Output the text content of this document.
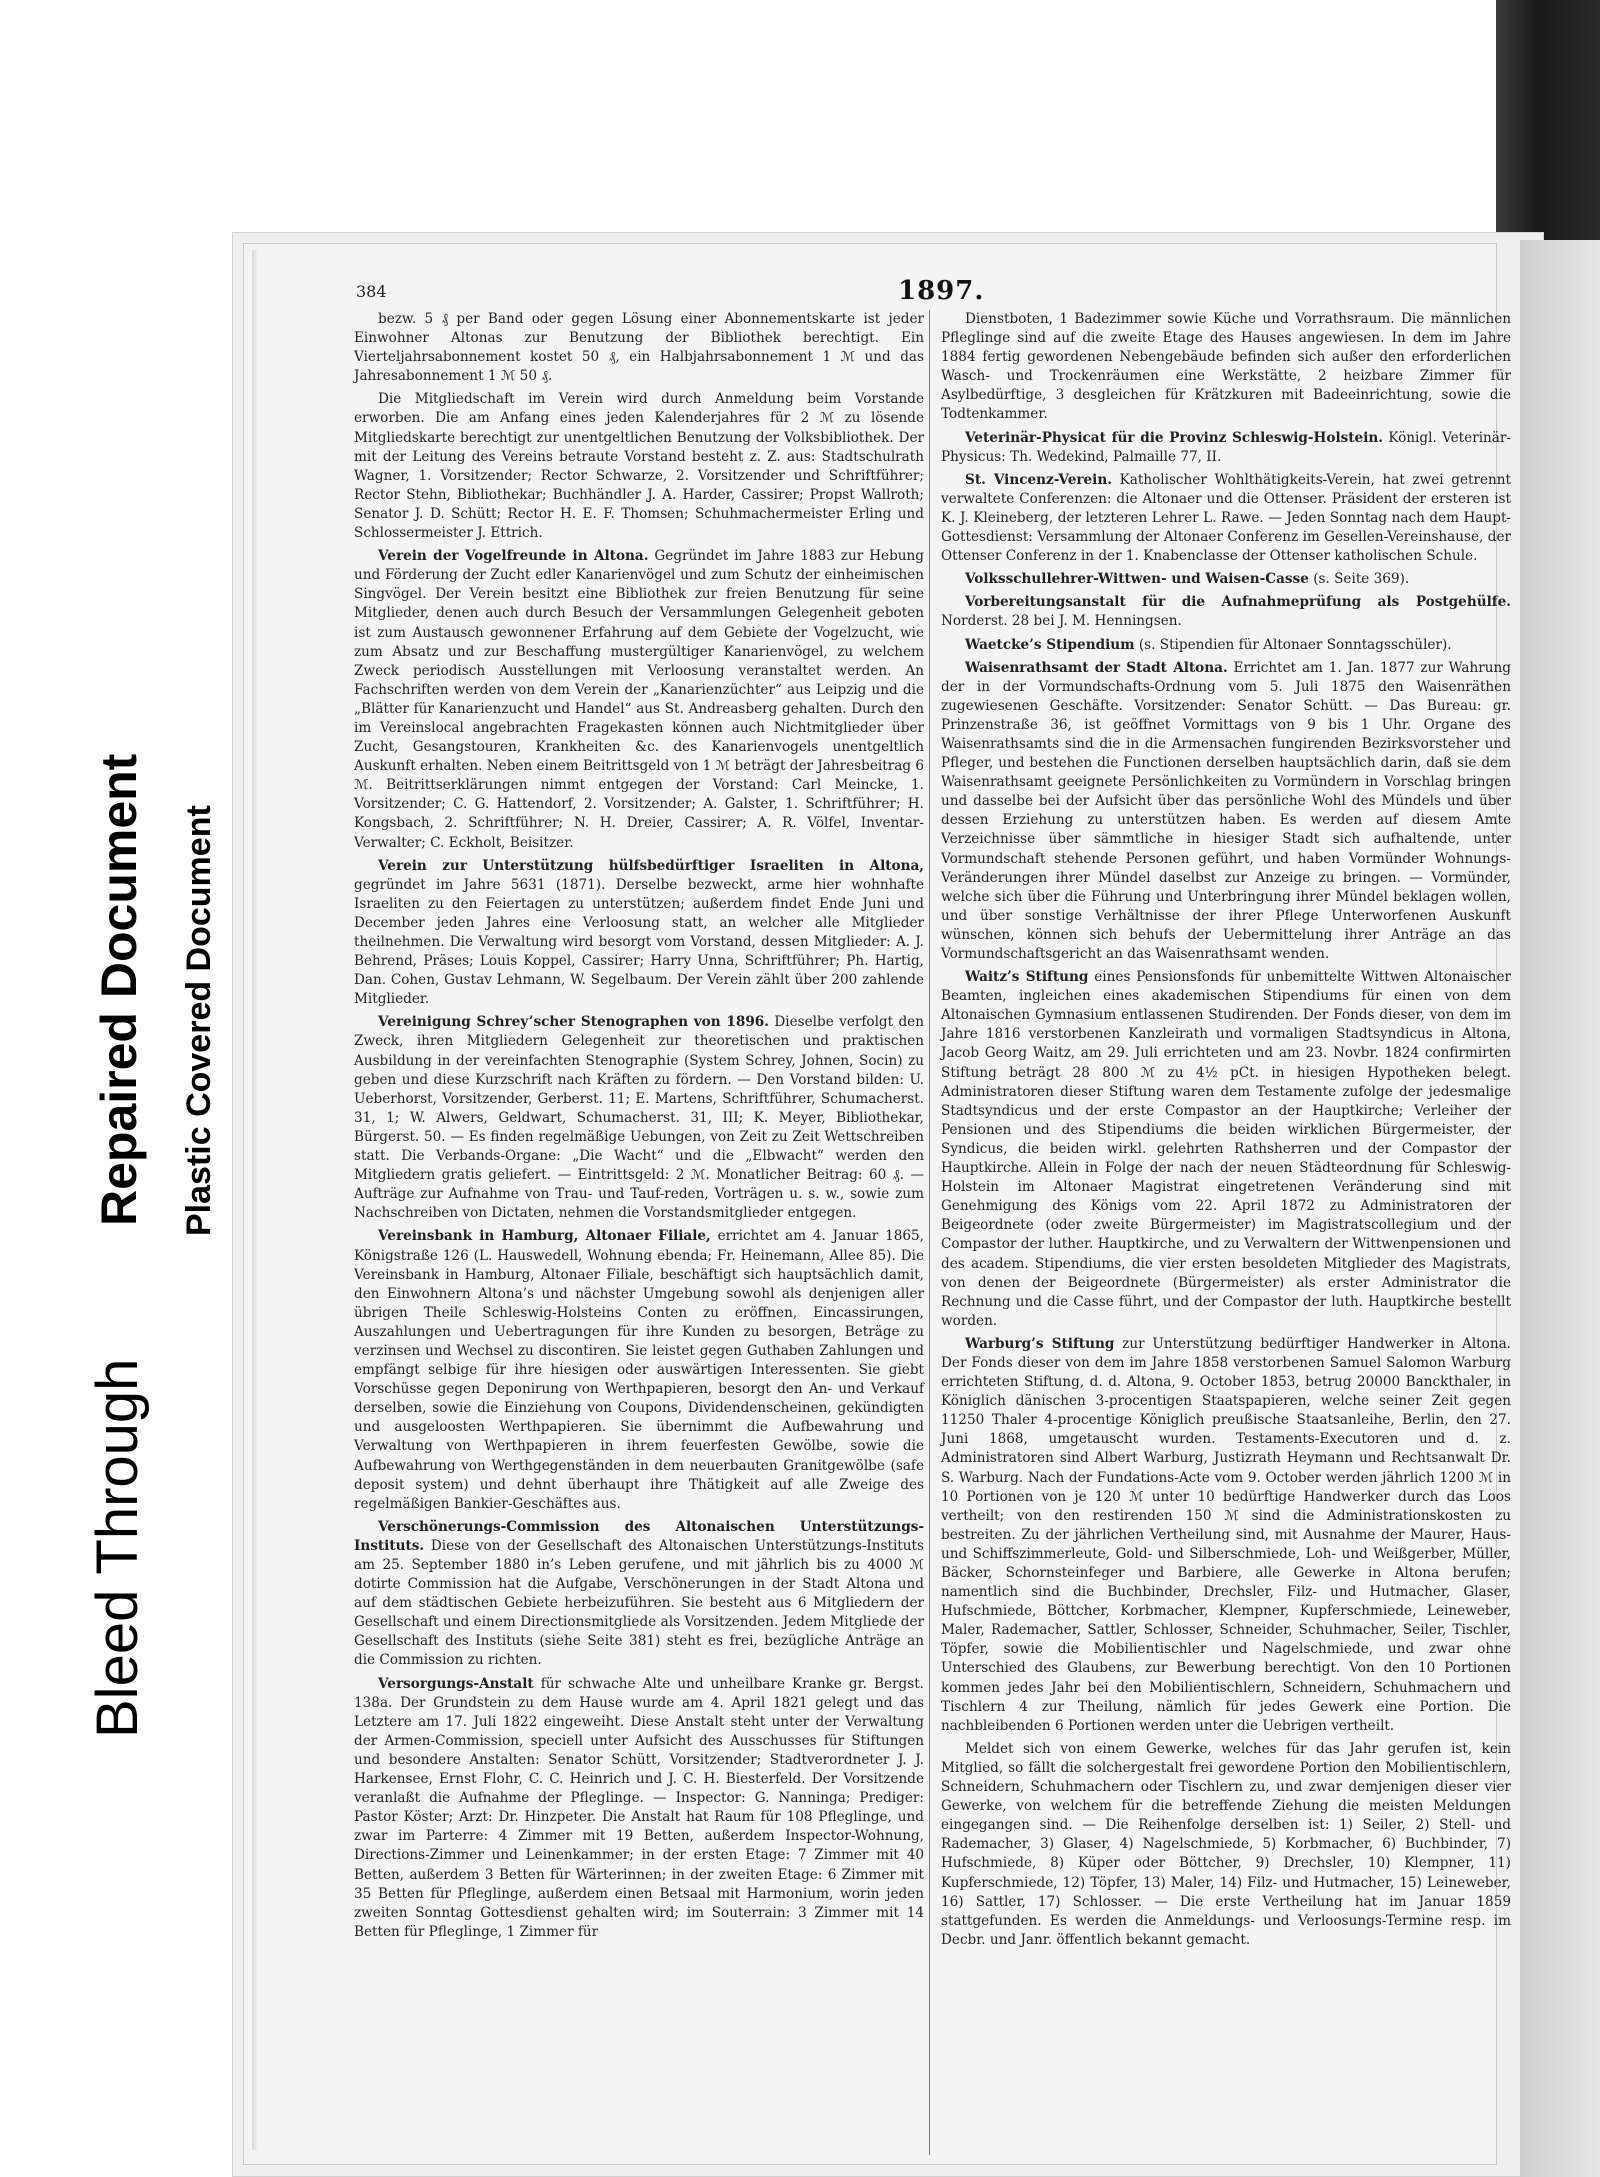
Bleed Through
Repaired Document Plastic Covered Document
384	1897.

bezw. 5 ₰ per Band oder gegen Lösung einer Abonnementskarte ist jeder Einwohner Altonas zur Benutzung der Bibliothek berechtigt. Ein Vierteljahrsabonnement kostet 50 ₰, ein Halbjahrsabonnement 1 ℳ und das Jahresabonnement 1 ℳ 50 ₰.

Die Mitgliedschaft im Verein wird durch Anmeldung beim Vorstande erworben. Die am Anfang eines jeden Kalenderjahres für 2 ℳ zu lösende Mitgliedskarte berechtigt zur unentgeltlichen Benutzung der Volksbibliothek. Der mit der Leitung des Vereins betraute Vorstand besteht z. Z. aus: Stadtschulrath Wagner, 1. Vorsitzender; Rector Schwarze, 2. Vorsitzender und Schriftführer; Rector Stehn, Bibliothekar; Buchhändler J. A. Harder, Cassirer; Propst Wallroth; Senator J. D. Schütt; Rector H. E. F. Thomsen; Schuhmachermeister Erling und Schlossermeister J. Ettrich.

Verein der Vogelfreunde in Altona. Gegründet im Jahre 1883 zur Hebung und Förderung der Zucht edler Kanarienvögel und zum Schutz der einheimischen Singvögel. Der Verein besitzt eine Bibliothek zur freien Benutzung für seine Mitglieder, denen auch durch Besuch der Versammlungen Gelegenheit geboten ist zum Austausch gewonnener Erfahrung auf dem Gebiete der Vogelzucht, wie zum Absatz und zur Beschaffung mustergültiger Kanarienvögel, zu welchem Zweck periodisch Ausstellungen mit Verloosung veranstaltet werden. An Fachschriften werden von dem Verein der „Kanarienzüchter“ aus Leipzig und die „Blätter für Kanarienzucht und Handel“ aus St. Andreasberg gehalten. Durch den im Vereinslocal angebrachten Fragekasten können auch Nichtmitglieder über Zucht, Gesangstouren, Krankheiten &c. des Kanarienvogels unentgeltlich Auskunft erhalten. Neben einem Beitrittsgeld von 1 ℳ beträgt der Jahresbeitrag 6 ℳ. Beitrittserklärungen nimmt entgegen der Vorstand: Carl Meincke, 1. Vorsitzender; C. G. Hattendorf, 2. Vorsitzender; A. Galster, 1. Schriftführer; H. Kongsbach, 2. Schriftführer; N. H. Dreier, Cassirer; A. R. Völfel, Inventar-Verwalter; C. Eckholt, Beisitzer.

Verein zur Unterstützung hülfsbedürftiger Israeliten in Altona, gegründet im Jahre 5631 (1871). Derselbe bezweckt, arme hier wohnhafte Israeliten zu den Feiertagen zu unterstützen; außerdem findet Ende Juni und December jeden Jahres eine Verloosung statt, an welcher alle Mitglieder theilnehmen. Die Verwaltung wird besorgt vom Vorstand, dessen Mitglieder: A. J. Behrend, Präses; Louis Koppel, Cassirer; Harry Unna, Schriftführer; Ph. Hartig, Dan. Cohen, Gustav Lehmann, W. Segelbaum. Der Verein zählt über 200 zahlende Mitglieder.

Vereinigung Schrey’scher Stenographen von 1896. Dieselbe verfolgt den Zweck, ihren Mitgliedern Gelegenheit zur theoretischen und praktischen Ausbildung in der vereinfachten Stenographie (System Schrey, Johnen, Socin) zu geben und diese Kurzschrift nach Kräften zu fördern. — Den Vorstand bilden: U. Ueberhorst, Vorsitzender, Gerberst. 11; E. Martens, Schriftführer, Schumacherst. 31, 1; W. Alwers, Geldwart, Schumacherst. 31, III; K. Meyer, Bibliothekar, Bürgerst. 50. — Es finden regelmäßige Uebungen, von Zeit zu Zeit Wettschreiben statt. Die Verbands-Organe: „Die Wacht“ und die „Elbwacht“ werden den Mitgliedern gratis geliefert. — Eintrittsgeld: 2 ℳ. Monatlicher Beitrag: 60 ₰. — Aufträge zur Aufnahme von Trau- und Tauf-reden, Vorträgen u. s. w., sowie zum Nachschreiben von Dictaten, nehmen die Vorstandsmitglieder entgegen.

Vereinsbank in Hamburg, Altonaer Filiale, errichtet am 4. Januar 1865, Königstraße 126 (L. Hauswedell, Wohnung ebenda; Fr. Heinemann, Allee 85). Die Vereinsbank in Hamburg, Altonaer Filiale, beschäftigt sich hauptsächlich damit, den Einwohnern Altona’s und nächster Umgebung sowohl als denjenigen aller übrigen Theile Schleswig-Holsteins Conten zu eröffnen, Eincassirungen, Auszahlungen und Uebertragungen für ihre Kunden zu besorgen, Beträge zu verzinsen und Wechsel zu discontiren. Sie leistet gegen Guthaben Zahlungen und empfängt selbige für ihre hiesigen oder auswärtigen Interessenten. Sie giebt Vorschüsse gegen Deponirung von Werthpapieren, besorgt den An- und Verkauf derselben, sowie die Einziehung von Coupons, Dividendenscheinen, gekündigten und ausgeloosten Werthpapieren. Sie übernimmt die Aufbewahrung und Verwaltung von Werthpapieren in ihrem feuerfesten Gewölbe, sowie die Aufbewahrung von Werthgegenständen in dem neuerbauten Granitgewölbe (safe deposit system) und dehnt überhaupt ihre Thätigkeit auf alle Zweige des regelmäßigen Bankier-Geschäftes aus.

Verschönerungs-Commission des Altonaischen Unterstützungs-Instituts. Diese von der Gesellschaft des Altonaischen Unterstützungs-Instituts am 25. September 1880 in’s Leben gerufene, und mit jährlich bis zu 4000 ℳ dotirte Commission hat die Aufgabe, Verschönerungen in der Stadt Altona und auf dem städtischen Gebiete herbeizuführen. Sie besteht aus 6 Mitgliedern der Gesellschaft und einem Directionsmitgliede als Vorsitzenden. Jedem Mitgliede der Gesellschaft des Instituts (siehe Seite 381) steht es frei, bezügliche Anträge an die Commission zu richten.

Versorgungs-Anstalt für schwache Alte und unheilbare Kranke gr. Bergst. 138a. Der Grundstein zu dem Hause wurde am 4. April 1821 gelegt und das Letztere am 17. Juli 1822 eingeweiht. Diese Anstalt steht unter der Verwaltung der Armen-Commission, speciell unter Aufsicht des Ausschusses für Stiftungen und besondere Anstalten: Senator Schütt, Vorsitzender; Stadtverordneter J. J. Harkensee, Ernst Flohr, C. C. Heinrich und J. C. H. Biesterfeld. Der Vorsitzende veranlaßt die Aufnahme der Pfleglinge. — Inspector: G. Nanninga; Prediger: Pastor Köster; Arzt: Dr. Hinzpeter. Die Anstalt hat Raum für 108 Pfleglinge, und zwar im Parterre: 4 Zimmer mit 19 Betten, außerdem Inspector-Wohnung, Directions-Zimmer und Leinenkammer; in der ersten Etage: 7 Zimmer mit 40 Betten, außerdem 3 Betten für Wärterinnen; in der zweiten Etage: 6 Zimmer mit 35 Betten für Pfleglinge, außerdem einen Betsaal mit Harmonium, worin jeden zweiten Sonntag Gottesdienst gehalten wird; im Souterrain: 3 Zimmer mit 14 Betten für Pfleglinge, 1 Zimmer für

Dienstboten, 1 Badezimmer sowie Küche und Vorrathsraum. Die männlichen Pfleglinge sind auf die zweite Etage des Hauses angewiesen. In dem im Jahre 1884 fertig gewordenen Nebengebäude befinden sich außer den erforderlichen Wasch- und Trockenräumen eine Werkstätte, 2 heizbare Zimmer für Asylbedürftige, 3 desgleichen für Krätzkuren mit Badeeinrichtung, sowie die Todtenkammer.

Veterinär-Physicat für die Provinz Schleswig-Holstein. Königl. Veterinär-Physicus: Th. Wedekind, Palmaille 77, II.

St. Vincenz-Verein. Katholischer Wohlthätigkeits-Verein, hat zwei getrennt verwaltete Conferenzen: die Altonaer und die Ottenser. Präsident der ersteren ist K. J. Kleineberg, der letzteren Lehrer L. Rawe. — Jeden Sonntag nach dem Haupt-Gottesdienst: Versammlung der Altonaer Conferenz im Gesellen-Vereinshause, der Ottenser Conferenz in der 1. Knabenclasse der Ottenser katholischen Schule.

Volksschullehrer-Wittwen- und Waisen-Casse (s. Seite 369).

Vorbereitungsanstalt für die Aufnahmeprüfung als Postgehülfe. Norderst. 28 bei J. M. Henningsen.

Waetcke’s Stipendium (s. Stipendien für Altonaer Sonntagsschüler).

Waisenrathsamt der Stadt Altona. Errichtet am 1. Jan. 1877 zur Wahrung der in der Vormundschafts-Ordnung vom 5. Juli 1875 den Waisenräthen zugewiesenen Geschäfte. Vorsitzender: Senator Schütt. — Das Bureau: gr. Prinzenstraße 36, ist geöffnet Vormittags von 9 bis 1 Uhr. Organe des Waisenrathsamts sind die in die Armensachen fungirenden Bezirksvorsteher und Pfleger, und bestehen die Functionen derselben hauptsächlich darin, daß sie dem Waisenrathsamt geeignete Persönlichkeiten zu Vormündern in Vorschlag bringen und dasselbe bei der Aufsicht über das persönliche Wohl des Mündels und über dessen Erziehung zu unterstützen haben. Es werden auf diesem Amte Verzeichnisse über sämmtliche in hiesiger Stadt sich aufhaltende, unter Vormundschaft stehende Personen geführt, und haben Vormünder Wohnungs-Veränderungen ihrer Mündel daselbst zur Anzeige zu bringen. — Vormünder, welche sich über die Führung und Unterbringung ihrer Mündel beklagen wollen, und über sonstige Verhältnisse der ihrer Pflege Unterworfenen Auskunft wünschen, können sich behufs der Uebermittelung ihrer Anträge an das Vormundschaftsgericht an das Waisenrathsamt wenden.

Waitz’s Stiftung eines Pensionsfonds für unbemittelte Wittwen Altonaischer Beamten, ingleichen eines akademischen Stipendiums für einen von dem Altonaischen Gymnasium entlassenen Studirenden. Der Fonds dieser, von dem im Jahre 1816 verstorbenen Kanzleirath und vormaligen Stadtsyndicus in Altona, Jacob Georg Waitz, am 29. Juli errichteten und am 23. Novbr. 1824 confirmirten Stiftung beträgt 28 800 ℳ zu 4½ pCt. in hiesigen Hypotheken belegt. Administratoren dieser Stiftung waren dem Testamente zufolge der jedesmalige Stadtsyndicus und der erste Compastor an der Hauptkirche; Verleiher der Pensionen und des Stipendiums die beiden wirklichen Bürgermeister, der Syndicus, die beiden wirkl. gelehrten Rathsherren und der Compastor der Hauptkirche. Allein in Folge der nach der neuen Städteordnung für Schleswig-Holstein im Altonaer Magistrat eingetretenen Veränderung sind mit Genehmigung des Königs vom 22. April 1872 zu Administratoren der Beigeordnete (oder zweite Bürgermeister) im Magistratscollegium und der Compastor der luther. Hauptkirche, und zu Verwaltern der Wittwenpensionen und des academ. Stipendiums, die vier ersten besoldeten Mitglieder des Magistrats, von denen der Beigeordnete (Bürgermeister) als erster Administrator die Rechnung und die Casse führt, und der Compastor der luth. Hauptkirche bestellt worden.

Warburg’s Stiftung zur Unterstützung bedürftiger Handwerker in Altona. Der Fonds dieser von dem im Jahre 1858 verstorbenen Samuel Salomon Warburg errichteten Stiftung, d. d. Altona, 9. October 1853, betrug 20000 Banckthaler, in Königlich dänischen 3-procentigen Staatspapieren, welche seiner Zeit gegen 11250 Thaler 4-procentige Königlich preußische Staatsanleihe, Berlin, den 27. Juni 1868, umgetauscht wurden. Testaments-Executoren und d. z. Administratoren sind Albert Warburg, Justizrath Heymann und Rechtsanwalt Dr. S. Warburg. Nach der Fundations-Acte vom 9. October werden jährlich 1200 ℳ in 10 Portionen von je 120 ℳ unter 10 bedürftige Handwerker durch das Loos vertheilt; von den restirenden 150 ℳ sind die Administrationskosten zu bestreiten. Zu der jährlichen Vertheilung sind, mit Ausnahme der Maurer, Haus- und Schiffszimmerleute, Gold- und Silberschmiede, Loh- und Weißgerber, Müller, Bäcker, Schornsteinfeger und Barbiere, alle Gewerke in Altona berufen; namentlich sind die Buchbinder, Drechsler, Filz- und Hutmacher, Glaser, Hufschmiede, Böttcher, Korbmacher, Klempner, Kupferschmiede, Leineweber, Maler, Rademacher, Sattler, Schlosser, Schneider, Schuhmacher, Seiler, Tischler, Töpfer, sowie die Mobilientischler und Nagelschmiede, und zwar ohne Unterschied des Glaubens, zur Bewerbung berechtigt. Von den 10 Portionen kommen jedes Jahr bei den Mobilientischlern, Schneidern, Schuhmachern und Tischlern 4 zur Theilung, nämlich für jedes Gewerk eine Portion. Die nachbleibenden 6 Portionen werden unter die Uebrigen vertheilt.

Meldet sich von einem Gewerke, welches für das Jahr gerufen ist, kein Mitglied, so fällt die solchergestalt frei gewordene Portion den Mobilientischlern, Schneidern, Schuhmachern oder Tischlern zu, und zwar demjenigen dieser vier Gewerke, von welchem für die betreffende Ziehung die meisten Meldungen eingegangen sind. — Die Reihenfolge derselben ist: 1) Seiler, 2) Stell- und Rademacher, 3) Glaser, 4) Nagelschmiede, 5) Korbmacher, 6) Buchbinder, 7) Hufschmiede, 8) Küper oder Böttcher, 9) Drechsler, 10) Klempner, 11) Kupferschmiede, 12) Töpfer, 13) Maler, 14) Filz- und Hutmacher, 15) Leineweber, 16) Sattler, 17) Schlosser. — Die erste Vertheilung hat im Januar 1859 stattgefunden. Es werden die Anmeldungs- und Verloosungs-Termine resp. im Decbr. und Janr. öffentlich bekannt gemacht.
